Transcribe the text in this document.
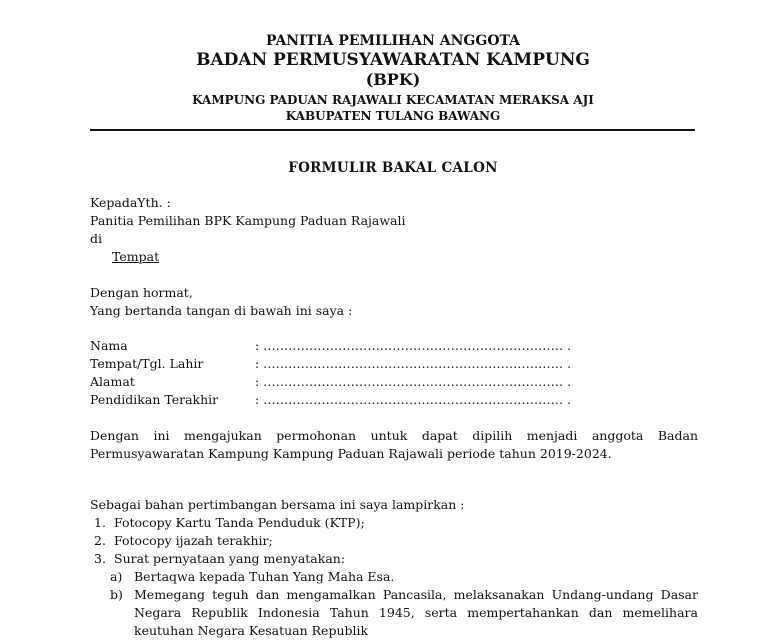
PANITIA PEMILIHAN ANGGOTA
BADAN PERMUSYAWARATAN KAMPUNG
(BPK)
KAMPUNG PADUAN RAJAWALI KECAMATAN MERAKSA AJI
KABUPATEN TULANG BAWANG
FORMULIR BAKAL CALON
KepadaYth. :
Panitia Pemilihan BPK Kampung Paduan Rajawali
di
Tempat
Dengan hormat,
Yang bertanda tangan di bawah ini saya :
Nama	: ……………………………………………………………… .
Tempat/Tgl. Lahir	: ……………………………………………………………… .
Alamat	: ……………………………………………………………… .
Pendidikan Terakhir	: ……………………………………………………………… .
Dengan ini mengajukan permohonan untuk dapat dipilih menjadi anggota Badan Permusyawaratan Kampung Kampung Paduan Rajawali periode tahun 2019-2024.
Sebagai bahan pertimbangan bersama ini saya lampirkan :
1. Fotocopy Kartu Tanda Penduduk (KTP);
2. Fotocopy ijazah terakhir;
3. Surat pernyataan yang menyatakan:
a) Bertaqwa kepada Tuhan Yang Maha Esa.
b) Memegang teguh dan mengamalkan Pancasila, melaksanakan Undang-undang Dasar Negara Republik Indonesia Tahun 1945, serta mempertahankan dan memelihara keutuhan Negara Kesatuan Republik
